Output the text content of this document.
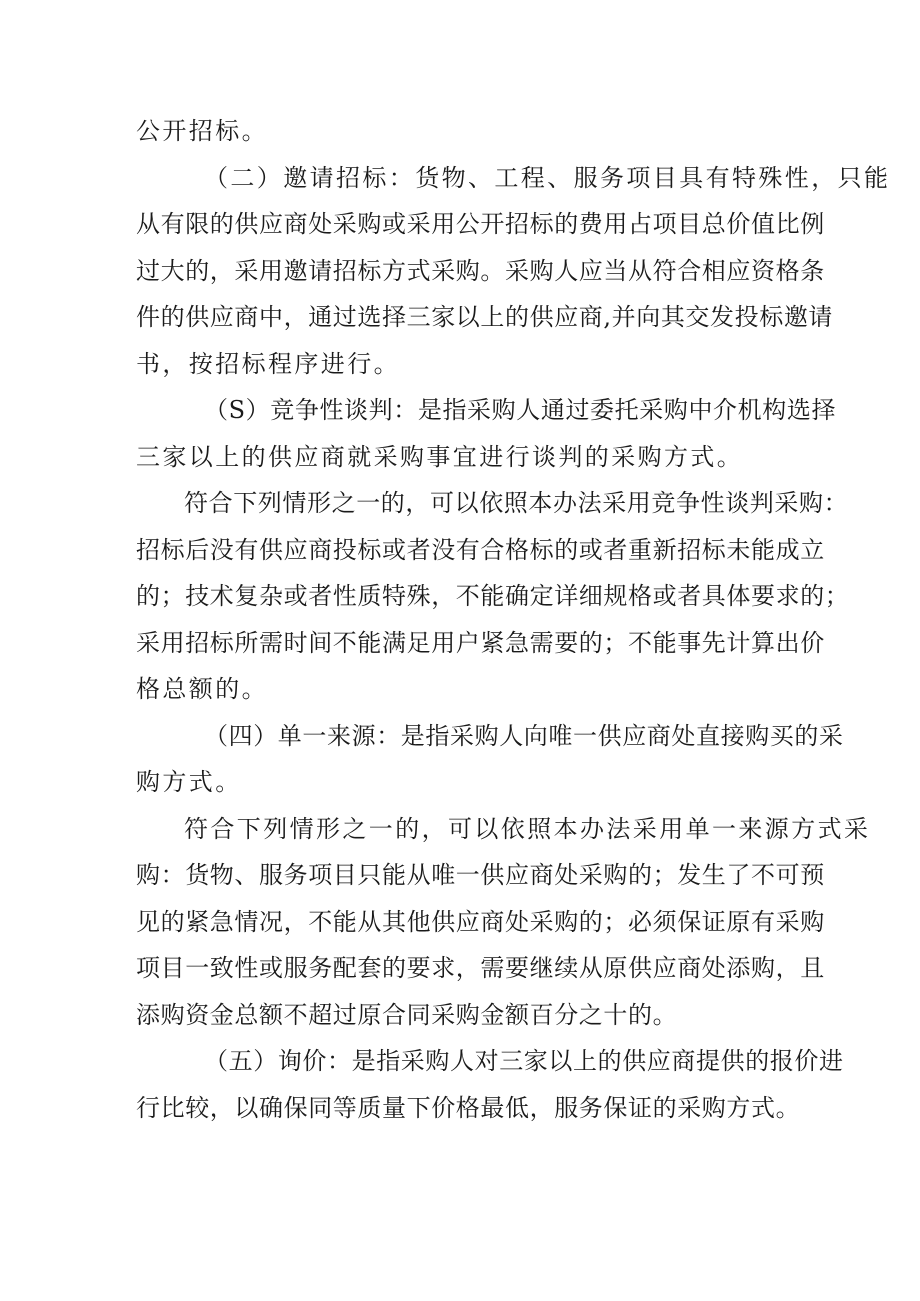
公开招标。
（二）邀请招标：货物、工程、服务项目具有特殊性，只能
从有限的供应商处采购或采用公开招标的费用占项目总价值比例
过大的，采用邀请招标方式采购。采购人应当从符合相应资格条
件的供应商中，通过选择三家以上的供应商,并向其交发投标邀请
书，按招标程序进行。
（S）竞争性谈判：是指采购人通过委托采购中介机构选择
三家以上的供应商就采购事宜进行谈判的采购方式。
符合下列情形之一的，可以依照本办法采用竞争性谈判采购：
招标后没有供应商投标或者没有合格标的或者重新招标未能成立
的；技术复杂或者性质特殊，不能确定详细规格或者具体要求的；
采用招标所需时间不能满足用户紧急需要的；不能事先计算出价
格总额的。
（四）单一来源：是指采购人向唯一供应商处直接购买的采
购方式。
符合下列情形之一的，可以依照本办法采用单一来源方式采
购：货物、服务项目只能从唯一供应商处采购的；发生了不可预
见的紧急情况，不能从其他供应商处采购的；必须保证原有采购
项目一致性或服务配套的要求，需要继续从原供应商处添购，且
添购资金总额不超过原合同采购金额百分之十的。
（五）询价：是指采购人对三家以上的供应商提供的报价进
行比较，以确保同等质量下价格最低，服务保证的采购方式。
